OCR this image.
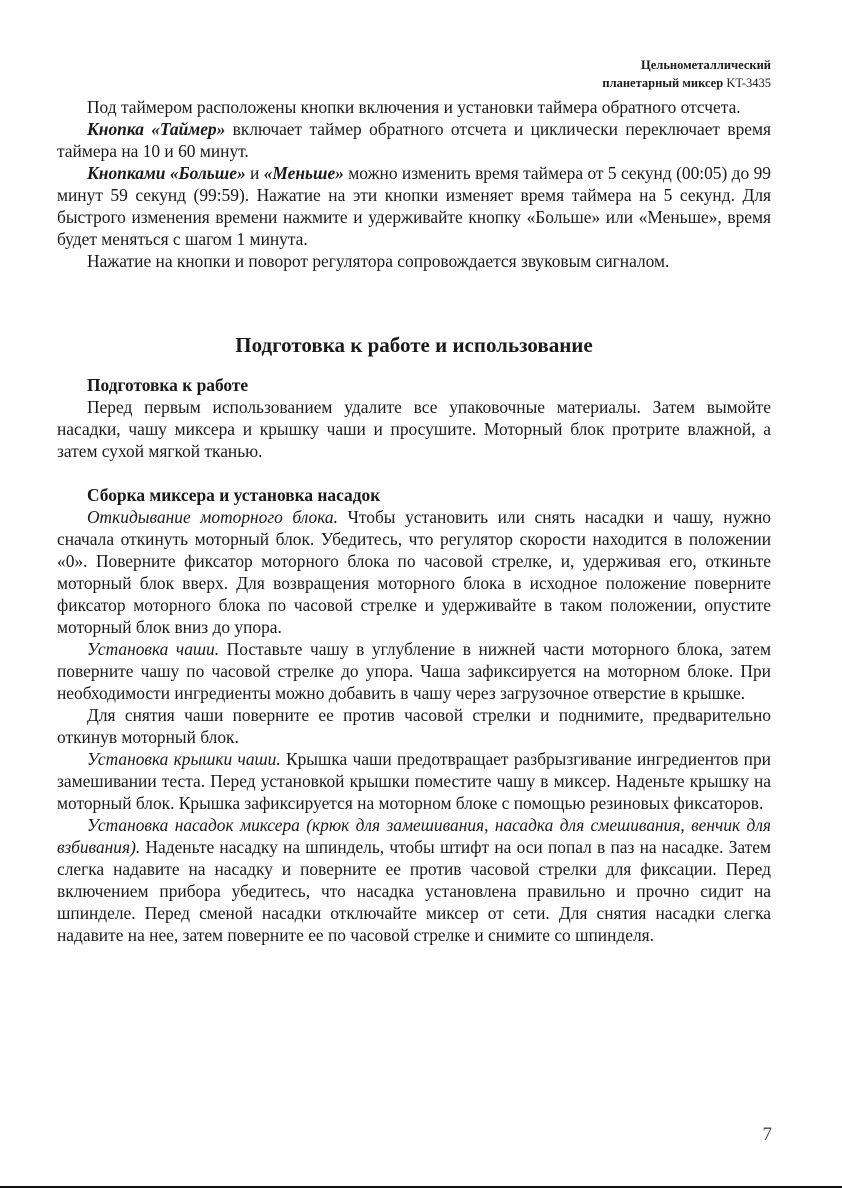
Цельнометаллический
планетарный миксер KT-3435

Под таймером расположены кнопки включения и установки таймера обратного отсчета.

Кнопка «Таймер» включает таймер обратного отсчета и циклически переключает время таймера на 10 и 60 минут.

Кнопками «Больше» и «Меньше» можно изменить время таймера от 5 секунд (00:05) до 99 минут 59 секунд (99:59). Нажатие на эти кнопки изменяет время таймера на 5 секунд. Для быстрого изменения времени нажмите и удерживайте кнопку «Больше» или «Меньше», время будет меняться с шагом 1 минута.

Нажатие на кнопки и поворот регулятора сопровождается звуковым сигналом.

Подготовка к работе и использование
Подготовка к работе

Перед первым использованием удалите все упаковочные материалы. Затем вымойте насадки, чашу миксера и крышку чаши и просушите. Моторный блок протрите влажной, а затем сухой мягкой тканью.

Сборка миксера и установка насадок

Откидывание моторного блока. Чтобы установить или снять насадки и чашу, нужно сначала откинуть моторный блок. Убедитесь, что регулятор скорости находится в положении «0». Поверните фиксатор моторного блока по часовой стрелке, и, удерживая его, откиньте моторный блок вверх. Для возвращения моторного блока в исходное положение поверните фиксатор моторного блока по часовой стрелке и удерживайте в таком положении, опустите моторный блок вниз до упора.

Установка чаши. Поставьте чашу в углубление в нижней части моторного блока, затем поверните чашу по часовой стрелке до упора. Чаша зафиксируется на моторном блоке. При необходимости ингредиенты можно добавить в чашу через загрузочное отверстие в крышке.

Для снятия чаши поверните ее против часовой стрелки и поднимите, предварительно откинув моторный блок.

Установка крышки чаши. Крышка чаши предотвращает разбрызгивание ингредиентов при замешивании теста. Перед установкой крышки поместите чашу в миксер. Наденьте крышку на моторный блок. Крышка зафиксируется на моторном блоке с помощью резиновых фиксаторов.

Установка насадок миксера (крюк для замешивания, насадка для смешивания, венчик для взбивания). Наденьте насадку на шпиндель, чтобы штифт на оси попал в паз на насадке. Затем слегка надавите на насадку и поверните ее против часовой стрелки для фиксации. Перед включением прибора убедитесь, что насадка установлена правильно и прочно сидит на шпинделе. Перед сменой насадки отключайте миксер от сети. Для снятия насадки слегка надавите на нее, затем поверните ее по часовой стрелке и снимите со шпинделя.

7
